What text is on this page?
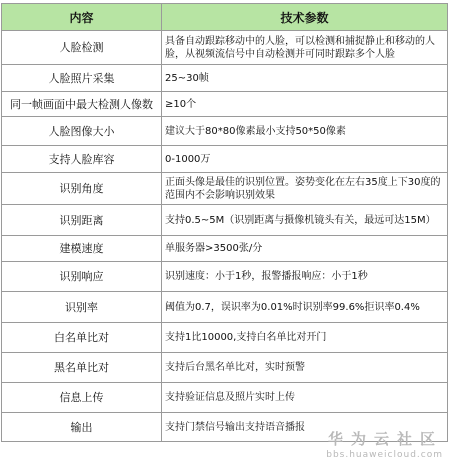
内容	技术参数
人脸检测	具备自动跟踪移动中的人脸，可以检测和捕捉静止和移动的人脸，从视频流信号中自动检测并可同时跟踪多个人脸
人脸照片采集	25~30帧
同一帧画面中最大检测人像数	≥10个
人脸图像大小	建议大于80*80像素最小支持50*50像素
支持人脸库容	0-1000万
识别角度	正面头像是最佳的识别位置。姿势变化在左右35度上下30度的范围内不会影响识别效果
识别距离	支持0.5~5M（识别距离与摄像机镜头有关，最远可达15M）
建模速度	单服务器>3500张/分
识别响应	识别速度：小于1秒，报警播报响应：小于1秒
识别率	阈值为0.7，误识率为0.01%时识别率99.6%拒识率0.4%
白名单比对	支持1比10000,支持白名单比对开门
黑名单比对	支持后台黑名单比对，实时预警
信息上传	支持验证信息及照片实时上传
输出	支持门禁信号输出支持语音播报
华为云社区
bbs.huaweicloud.com
